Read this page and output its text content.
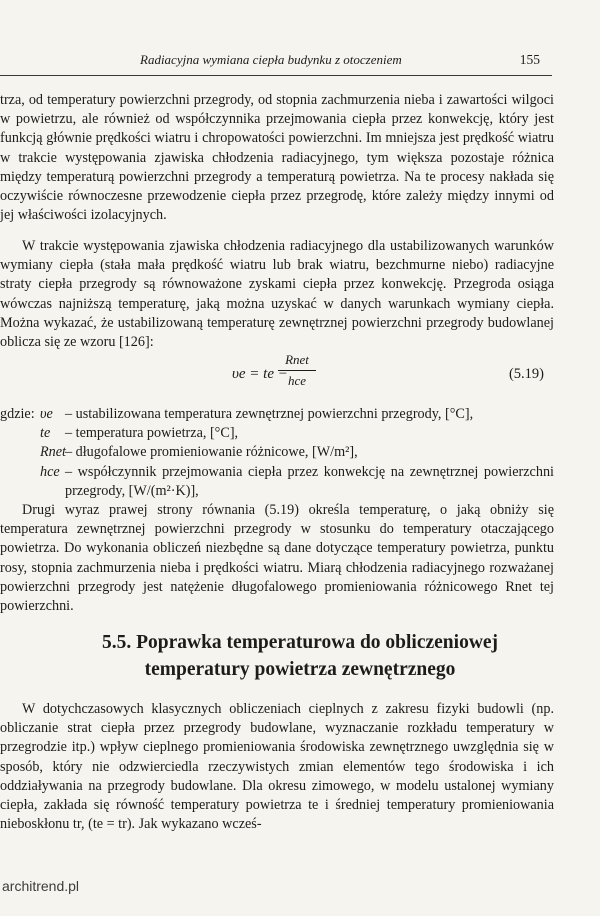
Radiacyjna wymiana ciepła budynku z otoczeniem	155

trza, od temperatury powierzchni przegrody, od stopnia zachmurzenia nieba i zawartości wilgoci w powietrzu, ale również od współczynnika przejmowania ciepła przez konwekcję, który jest funkcją głównie prędkości wiatru i chropowatości powierzchni. Im mniejsza jest prędkość wiatru w trakcie występowania zjawiska chłodzenia radiacyjnego, tym większa pozostaje różnica między temperaturą powierzchni przegrody a temperaturą powietrza. Na te procesy nakłada się oczywiście równoczesne przewodzenie ciepła przez przegrodę, które zależy między innymi od jej właściwości izolacyjnych.

W trakcie występowania zjawiska chłodzenia radiacyjnego dla ustabilizowanych warunków wymiany ciepła (stała mała prędkość wiatru lub brak wiatru, bezchmurne niebo) radiacyjne straty ciepła przegrody są równoważone zyskami ciepła przez konwekcję. Przegroda osiąga wówczas najniższą temperaturę, jaką można uzyskać w danych warunkach wymiany ciepła. Można wykazać, że ustabilizowaną temperaturę zewnętrznej powierzchni przegrody budowlanej oblicza się ze wzoru [126]:

υe = te −
Rnet
hce	(5.19)
gdzie: υe – ustabilizowana temperatura zewnętrznej powierzchni przegrody, [°C],
te – temperatura powietrza, [°C],
Rnet – długofalowe promieniowanie różnicowe, [W/m²],
hce – współczynnik przejmowania ciepła przez konwekcję na zewnętrznej powierzchni przegrody, [W/(m²·K)],

Drugi wyraz prawej strony równania (5.19) określa temperaturę, o jaką obniży się temperatura zewnętrznej powierzchni przegrody w stosunku do temperatury otaczającego powietrza. Do wykonania obliczeń niezbędne są dane dotyczące temperatury powietrza, punktu rosy, stopnia zachmurzenia nieba i prędkości wiatru. Miarą chłodzenia radiacyjnego rozważanej powierzchni przegrody jest natężenie długofalowego promieniowania różnicowego Rnet tej powierzchni.

5.5. Poprawka temperaturowa do obliczeniowej
temperatury powietrza zewnętrznego

W dotychczasowych klasycznych obliczeniach cieplnych z zakresu fizyki budowli (np. obliczanie strat ciepła przez przegrody budowlane, wyznaczanie rozkładu temperatury w przegrodzie itp.) wpływ cieplnego promieniowania środowiska zewnętrznego uwzględnia się w sposób, który nie odzwierciedla rzeczywistych zmian elementów tego środowiska i ich oddziaływania na przegrody budowlane. Dla okresu zimowego, w modelu ustalonej wymiany ciepła, zakłada się równość temperatury powietrza te i średniej temperatury promieniowania nieboskłonu tr, (te = tr). Jak wykazano wcześ-

architrend.pl
